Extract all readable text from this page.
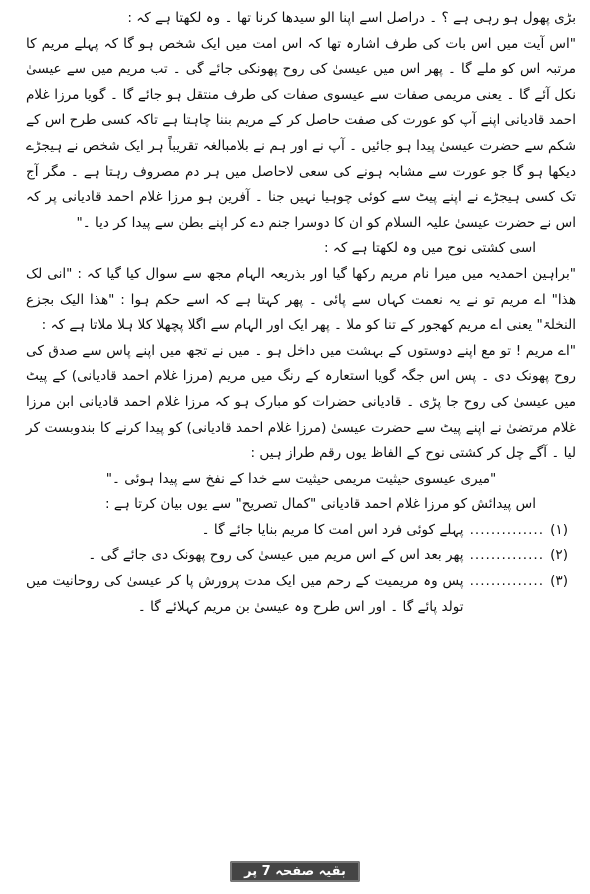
بڑی پھول ہو رہی ہے ؟ ۔ دراصل اسے اپنا الو سیدھا کرنا تھا ۔ وہ لکھتا ہے کہ :

"اس آیت میں اس بات کی طرف اشارہ تھا کہ اس امت میں ایک شخص ہو گا کہ پہلے مریم کا مرتبہ اس کو ملے گا ۔ پھر اس میں عیسیٰ کی روح پھونکی جائے گی ۔ تب مریم میں سے عیسیٰ نکل آئے گا ۔ یعنی مریمی صفات سے عیسوی صفات کی طرف منتقل ہو جائے گا ۔ گویا مرزا غلام احمد قادیانی اپنے آپ کو عورت کی صفت حاصل کر کے مریم بننا چاہتا ہے تاکہ کسی طرح اس کے شکم سے حضرت عیسیٰ پیدا ہو جائیں ۔ آپ نے اور ہم نے بلامبالغہ تقریباً ہر ایک شخص نے ہیجڑے دیکھا ہو گا جو عورت سے مشابہ ہونے کی سعی لاحاصل میں ہر دم مصروف رہتا ہے ۔ مگر آج تک کسی ہیجڑے نے اپنے پیٹ سے کوئی چوہیا نہیں جنا ۔ آفرین ہو مرزا غلام احمد قادیانی پر کہ اس نے حضرت عیسیٰ علیہ السلام کو ان کا دوسرا جنم دے کر اپنے بطن سے پیدا کر دیا ۔"

اسی کشتی نوح میں وہ لکھتا ہے کہ :

"براہین احمدیہ میں میرا نام مریم رکھا گیا اور بذریعہ الہام مجھ سے سوال کیا گیا کہ : "انی لک ھذا" اے مریم تو نے یہ نعمت کہاں سے پائی ۔ پھر کہتا ہے کہ اسے حکم ہوا : "ھذا الیک بجزع النخلۃ" یعنی اے مریم کھجور کے تنا کو ملا ۔ پھر ایک اور الہام سے اگلا پچھلا کلا ہلا ملاتا ہے کہ :

"اے مریم ! تو مع اپنے دوستوں کے بہشت میں داخل ہو ۔ میں نے تجھ میں اپنے پاس سے صدق کی روح پھونک دی ۔ پس اس جگہ گویا استعارہ کے رنگ میں مریم (مرزا غلام احمد قادیانی) کے پیٹ میں عیسیٰ کی روح جا پڑی ۔ قادیانی حضرات کو مبارک ہو کہ مرزا غلام احمد قادیانی ابن مرزا غلام مرتضیٰ نے اپنے پیٹ سے حضرت عیسیٰ (مرزا غلام احمد قادیانی) کو پیدا کرنے کا بندوبست کر لیا ۔ آگے چل کر کشتی نوح کے الفاظ یوں رقم طراز ہیں :

"میری عیسوی حیثیت مریمی حیثیت سے خدا کے نفخ سے پیدا ہوئی ۔"

اس پیدائش کو مرزا غلام احمد قادیانی "کمال تصریح" سے یوں بیان کرتا ہے :

(۱)
..............
پہلے کوئی فرد اس امت کا مریم بنایا جائے گا ۔
(۲)
..............
پھر بعد اس کے اس مریم میں عیسیٰ کی روح پھونک دی جائے گی ۔
(۳)
..............
پس وہ مریمیت کے رحم میں ایک مدت پرورش پا کر عیسیٰ کی روحانیت میں تولد پائے گا ۔ اور اس طرح وہ عیسیٰ بن مریم کہلائے گا ۔
بقیہ صفحہ 7 پر
